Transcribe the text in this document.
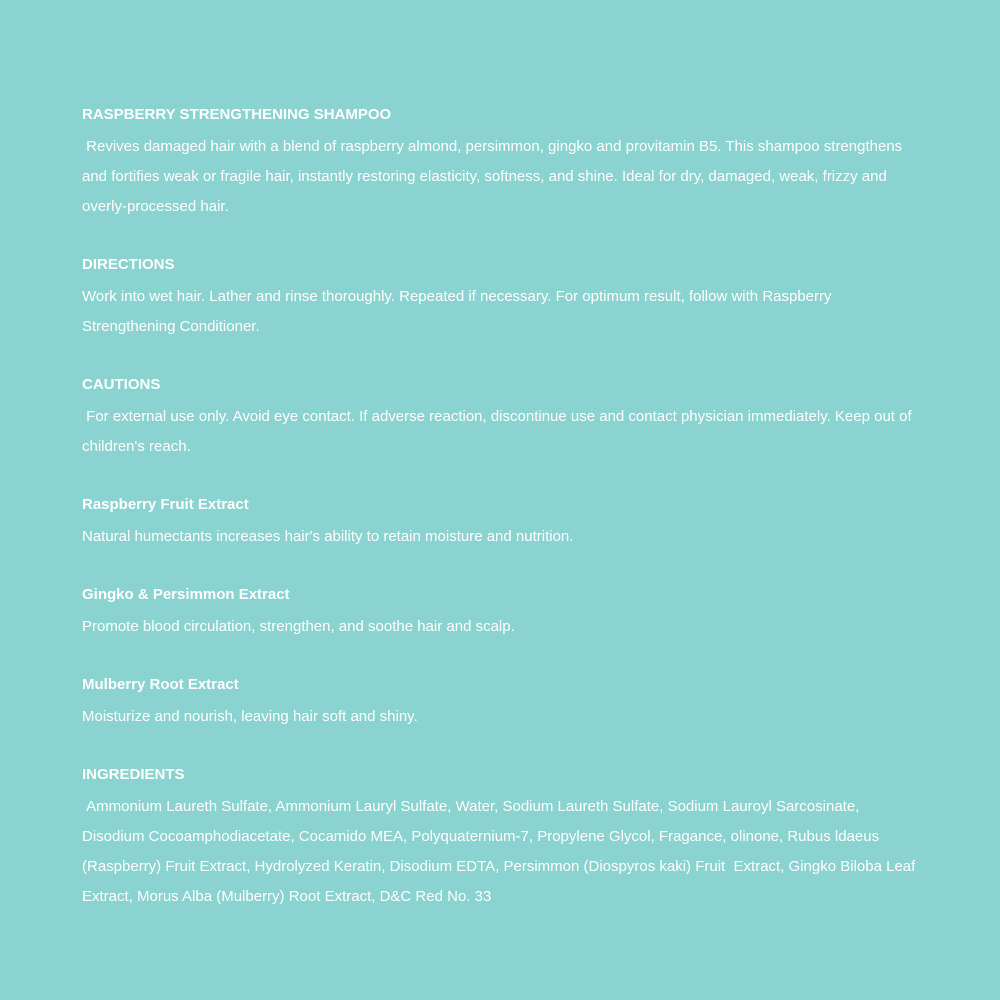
RASPBERRY STRENGTHENING SHAMPOO

Revives damaged hair with a blend of raspberry almond, persimmon, gingko and provitamin B5. This shampoo strengthens and fortifies weak or fragile hair, instantly restoring elasticity, softness, and shine. Ideal for dry, damaged, weak, frizzy and overly-processed hair.

DIRECTIONS

Work into wet hair. Lather and rinse thoroughly. Repeated if necessary. For optimum result, follow with Raspberry Strengthening Conditioner.

CAUTIONS

For external use only. Avoid eye contact. If adverse reaction, discontinue use and contact physician immediately. Keep out of children's reach.

Raspberry Fruit Extract

Natural humectants increases hair's ability to retain moisture and nutrition.

Gingko & Persimmon Extract

Promote blood circulation, strengthen, and soothe hair and scalp.

Mulberry Root Extract

Moisturize and nourish, leaving hair soft and shiny.

INGREDIENTS

Ammonium Laureth Sulfate, Ammonium Lauryl Sulfate, Water, Sodium Laureth Sulfate, Sodium Lauroyl Sarcosinate, Disodium Cocoamphodiacetate, Cocamido MEA, Polyquaternium-7, Propylene Glycol, Fragance, olinone, Rubus ldaeus (Raspberry) Fruit Extract, Hydrolyzed Keratin, Disodium EDTA, Persimmon (Diospyros kaki) Fruit  Extract, Gingko Biloba Leaf Extract, Morus Alba (Mulberry) Root Extract, D&C Red No. 33
